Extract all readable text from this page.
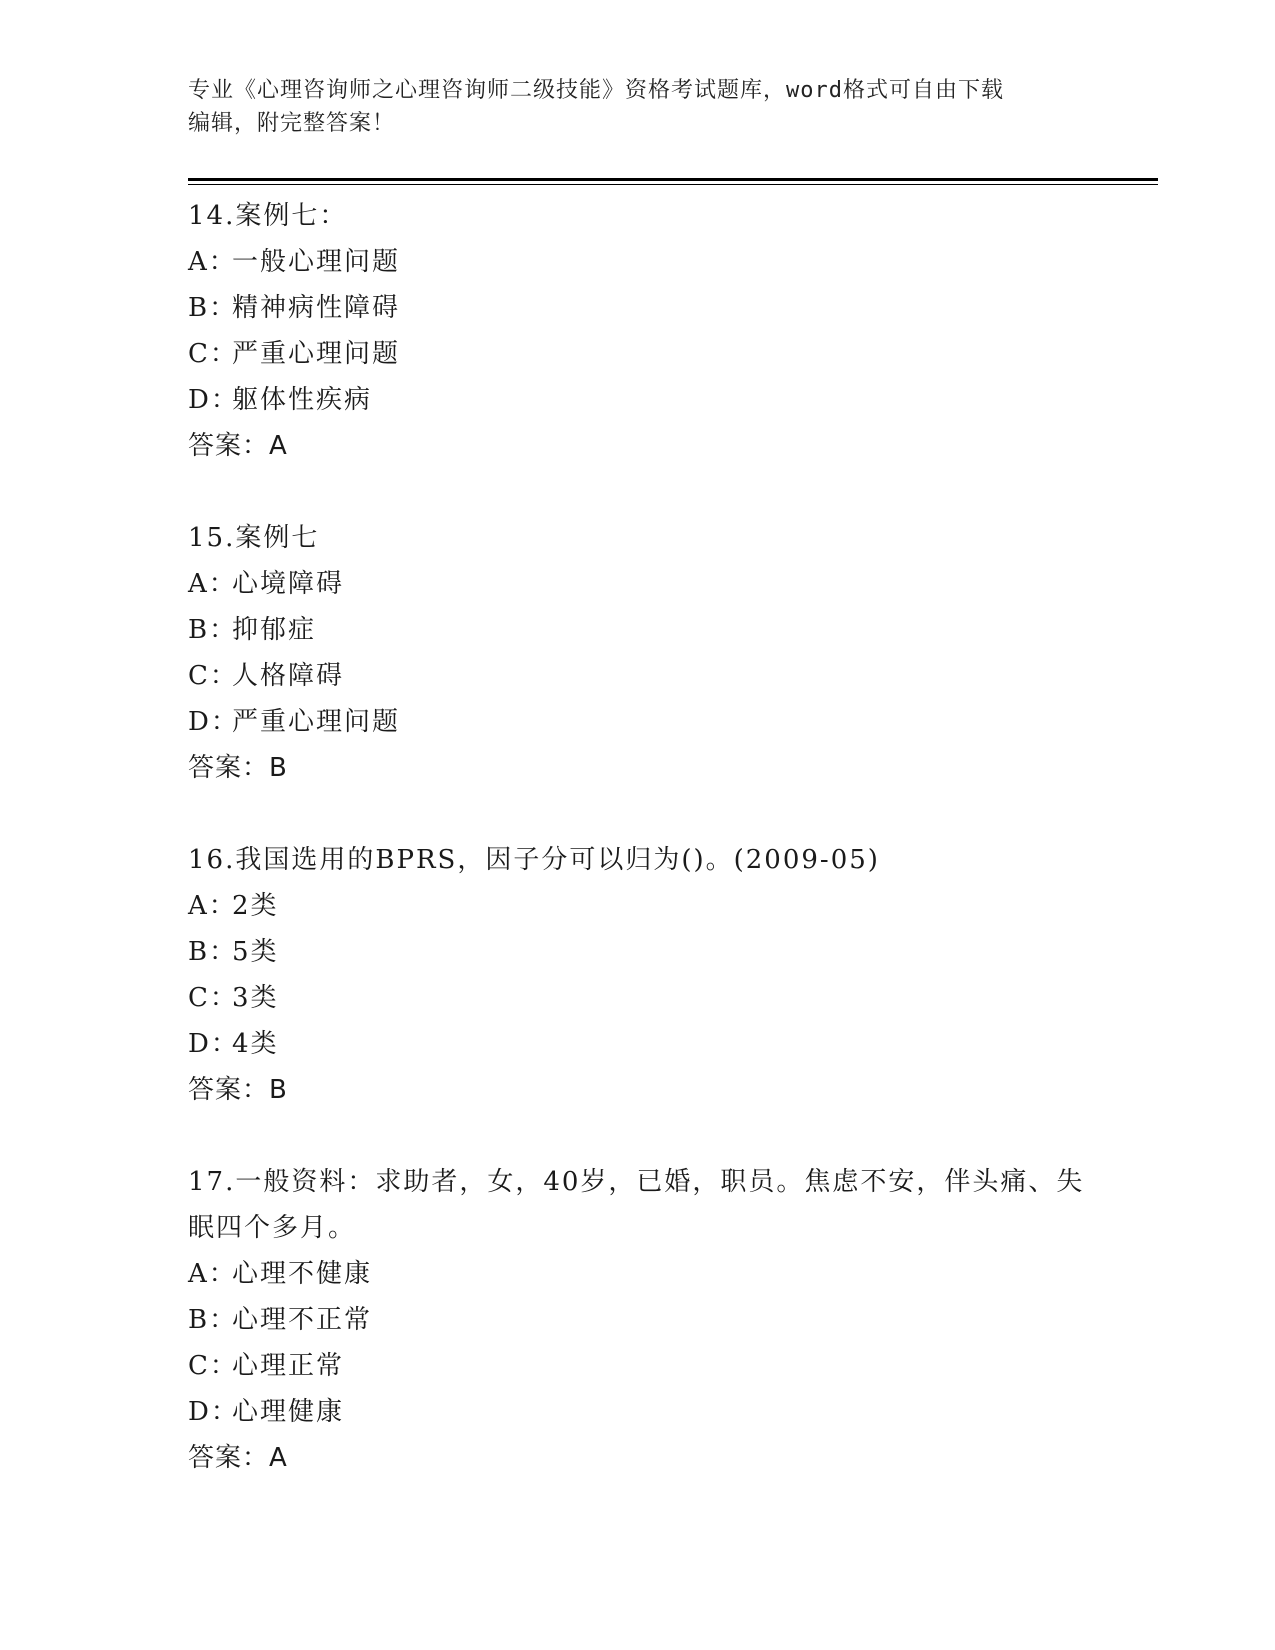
专业《心理咨询师之心理咨询师二级技能》资格考试题库，word格式可自由下载
编辑，附完整答案！

14.案例七：

A：一般心理问题

B：精神病性障碍

C：严重心理问题

D：躯体性疾病

答案：A

15.案例七

A：心境障碍

B：抑郁症

C：人格障碍

D：严重心理问题

答案：B

16.我国选用的BPRS，因子分可以归为()。(2009-05)

A：2类

B：5类

C：3类

D：4类

答案：B

17.一般资料：求助者，女，40岁，已婚，职员。焦虑不安，伴头痛、失眠四个多月。

A：心理不健康

B：心理不正常

C：心理正常

D：心理健康

答案：A
